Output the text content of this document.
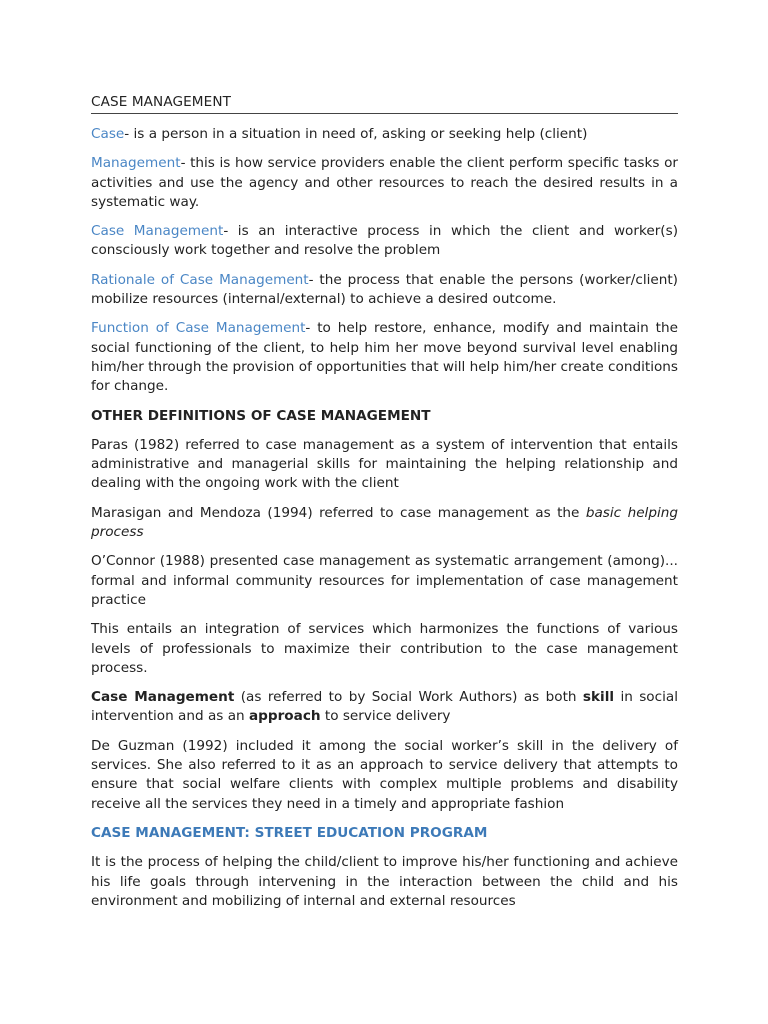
CASE MANAGEMENT

Case- is a person in a situation in need of, asking or seeking help (client)

Management- this is how service providers enable the client perform specific tasks or activities and use the agency and other resources to reach the desired results in a systematic way.

Case Management- is an interactive process in which the client and worker(s) consciously work together and resolve the problem

Rationale of Case Management- the process that enable the persons (worker/client) mobilize resources (internal/external) to achieve a desired outcome.

Function of Case Management- to help restore, enhance, modify and maintain the social functioning of the client, to help him her move beyond survival level enabling him/her through the provision of opportunities that will help him/her create conditions for change.

OTHER DEFINITIONS OF CASE MANAGEMENT

Paras (1982) referred to case management as a system of intervention that entails administrative and managerial skills for maintaining the helping relationship and dealing with the ongoing work with the client

Marasigan and Mendoza (1994) referred to case management as the basic helping process

O’Connor (1988) presented case management as systematic arrangement (among)... formal and informal community resources for implementation of case management practice

This entails an integration of services which harmonizes the functions of various levels of professionals to maximize their contribution to the case management process.

Case Management (as referred to by Social Work Authors) as both skill in social intervention and as an approach to service delivery

De Guzman (1992) included it among the social worker’s skill in the delivery of services. She also referred to it as an approach to service delivery that attempts to ensure that social welfare clients with complex multiple problems and disability receive all the services they need in a timely and appropriate fashion

CASE MANAGEMENT: STREET EDUCATION PROGRAM

It is the process of helping the child/client to improve his/her functioning and achieve his life goals through intervening in the interaction between the child and his environment and mobilizing of internal and external resources
